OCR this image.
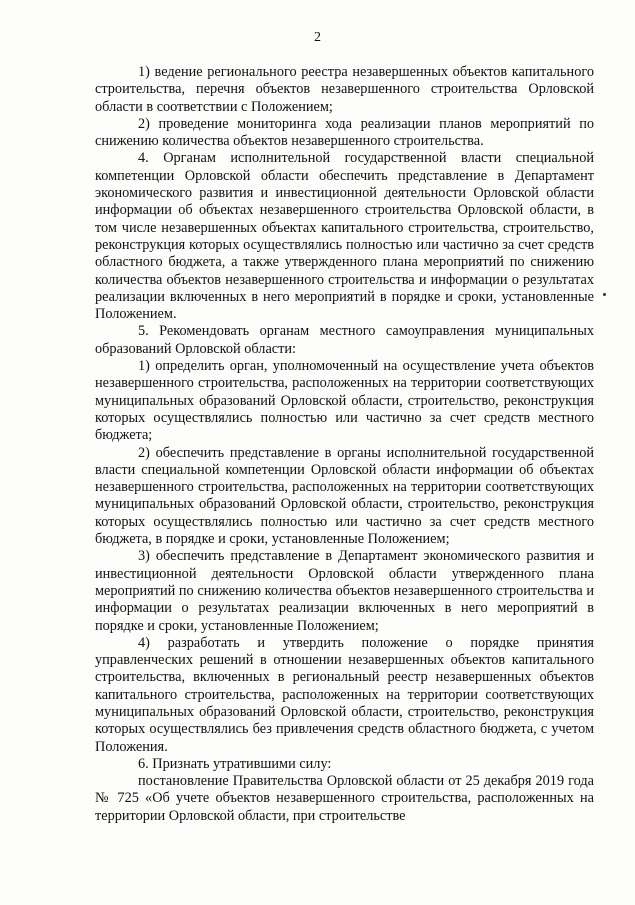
2

1) ведение регионального реестра незавершенных объектов капитального строительства, перечня объектов незавершенного строительства Орловской области в соответствии с Положением;

2) проведение мониторинга хода реализации планов мероприятий по снижению количества объектов незавершенного строительства.

4. Органам исполнительной государственной власти специальной компетенции Орловской области обеспечить представление в Департамент экономического развития и инвестиционной деятельности Орловской области информации об объектах незавершенного строительства Орловской области, в том числе незавершенных объектах капитального строительства, строительство, реконструкция которых осуществлялись полностью или частично за счет средств областного бюджета, а также утвержденного плана мероприятий по снижению количества объектов незавершенного строительства и информации о результатах реализации включенных в него мероприятий в порядке и сроки, установленные Положением.

5. Рекомендовать органам местного самоуправления муниципальных образований Орловской области:

1) определить орган, уполномоченный на осуществление учета объектов незавершенного строительства, расположенных на территории соответствующих муниципальных образований Орловской области, строительство, реконструкция которых осуществлялись полностью или частично за счет средств местного бюджета;

2) обеспечить представление в органы исполнительной государственной власти специальной компетенции Орловской области информации об объектах незавершенного строительства, расположенных на территории соответствующих муниципальных образований Орловской области, строительство, реконструкция которых осуществлялись полностью или частично за счет средств местного бюджета, в порядке и сроки, установленные Положением;

3) обеспечить представление в Департамент экономического развития и инвестиционной деятельности Орловской области утвержденного плана мероприятий по снижению количества объектов незавершенного строительства и информации о результатах реализации включенных в него мероприятий в порядке и сроки, установленные Положением;

4) разработать и утвердить положение о порядке принятия управленческих решений в отношении незавершенных объектов капитального строительства, включенных в региональный реестр незавершенных объектов капитального строительства, расположенных на территории соответствующих муниципальных образований Орловской области, строительство, реконструкция которых осуществлялись без привлечения средств областного бюджета, с учетом Положения.

6. Признать утратившими силу:

постановление Правительства Орловской области от 25 декабря 2019 года № 725 «Об учете объектов незавершенного строительства, расположенных на территории Орловской области, при строительстве
